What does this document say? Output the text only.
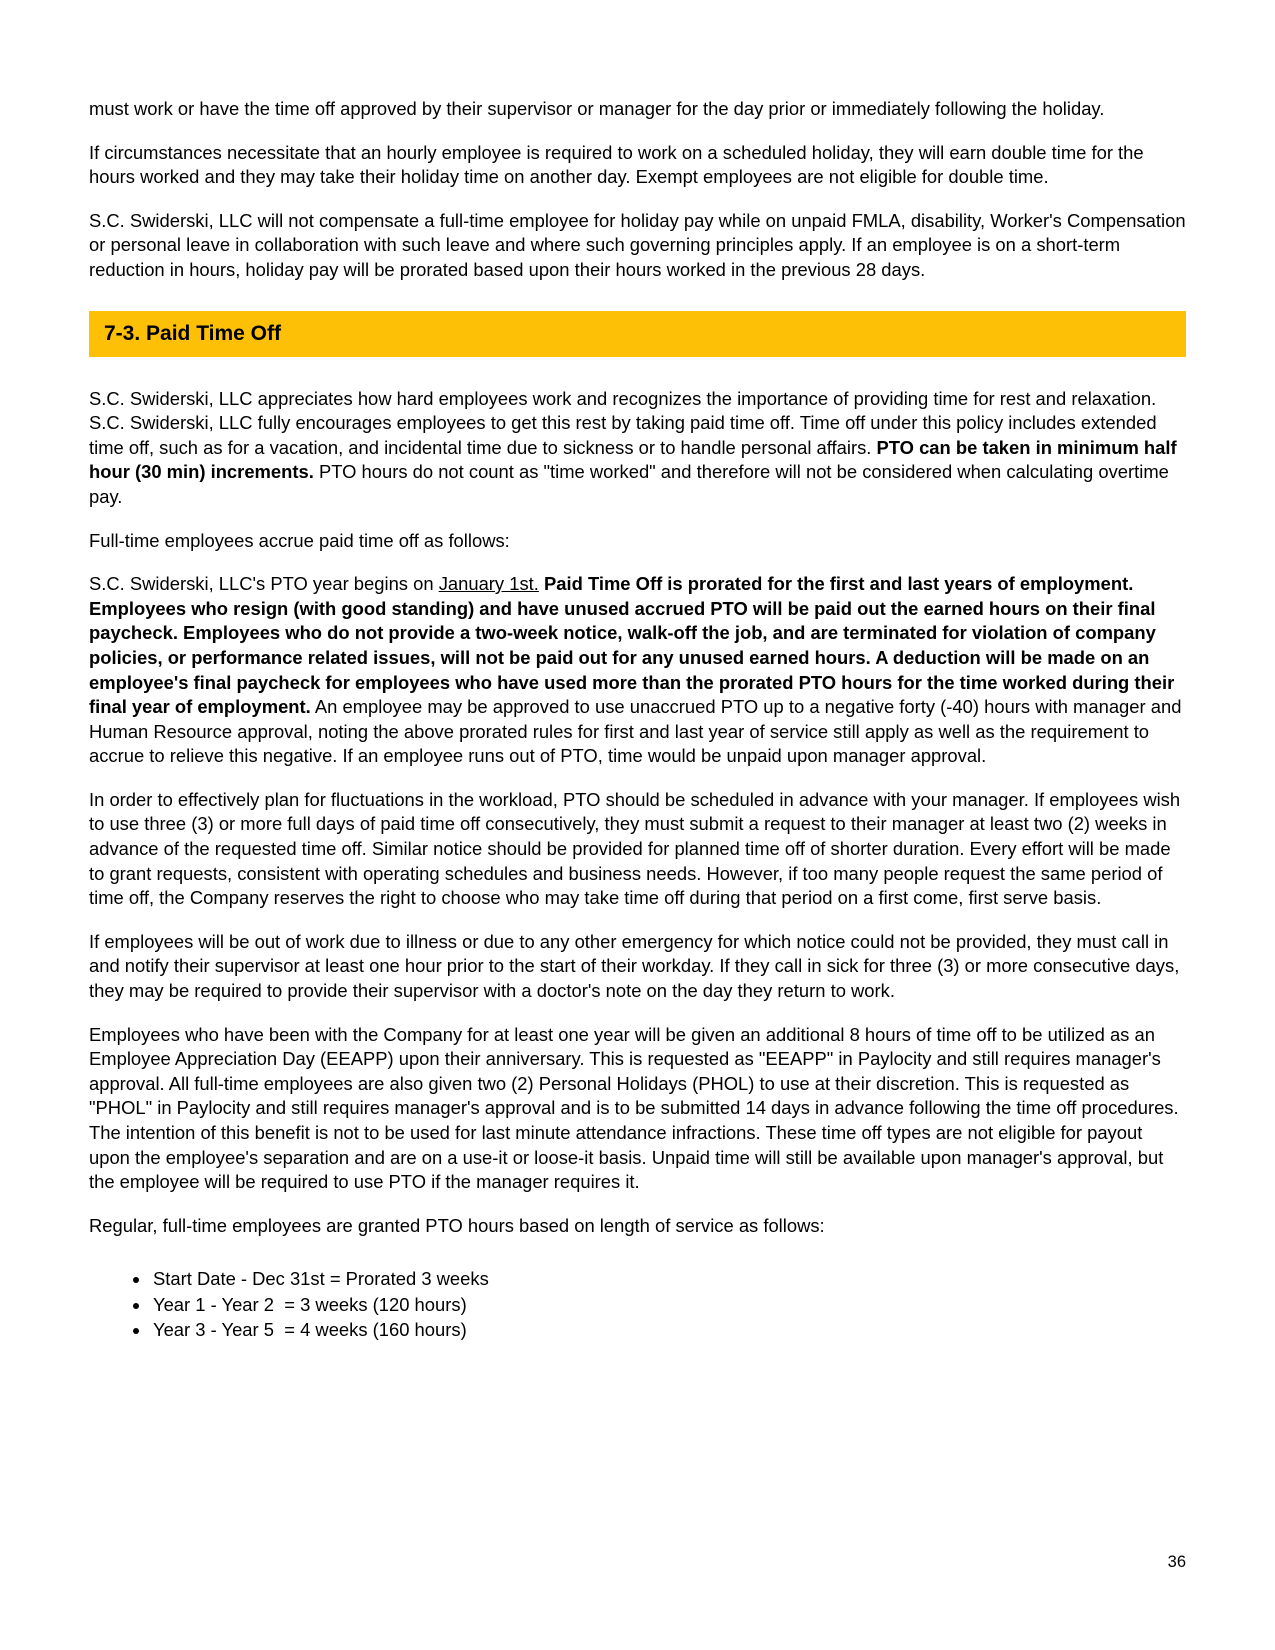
must work or have the time off approved by their supervisor or manager for the day prior or immediately following the holiday.

If circumstances necessitate that an hourly employee is required to work on a scheduled holiday, they will earn double time for the hours worked and they may take their holiday time on another day. Exempt employees are not eligible for double time.

S.C. Swiderski, LLC will not compensate a full-time employee for holiday pay while on unpaid FMLA, disability, Worker's Compensation or personal leave in collaboration with such leave and where such governing principles apply. If an employee is on a short-term reduction in hours, holiday pay will be prorated based upon their hours worked in the previous 28 days.

7-3. Paid Time Off

S.C. Swiderski, LLC appreciates how hard employees work and recognizes the importance of providing time for rest and relaxation. S.C. Swiderski, LLC fully encourages employees to get this rest by taking paid time off. Time off under this policy includes extended time off, such as for a vacation, and incidental time due to sickness or to handle personal affairs. PTO can be taken in minimum half hour (30 min) increments. PTO hours do not count as "time worked" and therefore will not be considered when calculating overtime pay.

Full-time employees accrue paid time off as follows:

S.C. Swiderski, LLC's PTO year begins on January 1st. Paid Time Off is prorated for the first and last years of employment. Employees who resign (with good standing) and have unused accrued PTO will be paid out the earned hours on their final paycheck. Employees who do not provide a two-week notice, walk-off the job, and are terminated for violation of company policies, or performance related issues, will not be paid out for any unused earned hours. A deduction will be made on an employee's final paycheck for employees who have used more than the prorated PTO hours for the time worked during their final year of employment. An employee may be approved to use unaccrued PTO up to a negative forty (-40) hours with manager and Human Resource approval, noting the above prorated rules for first and last year of service still apply as well as the requirement to accrue to relieve this negative. If an employee runs out of PTO, time would be unpaid upon manager approval.

In order to effectively plan for fluctuations in the workload, PTO should be scheduled in advance with your manager. If employees wish to use three (3) or more full days of paid time off consecutively, they must submit a request to their manager at least two (2) weeks in advance of the requested time off. Similar notice should be provided for planned time off of shorter duration. Every effort will be made to grant requests, consistent with operating schedules and business needs. However, if too many people request the same period of time off, the Company reserves the right to choose who may take time off during that period on a first come, first serve basis.

If employees will be out of work due to illness or due to any other emergency for which notice could not be provided, they must call in and notify their supervisor at least one hour prior to the start of their workday. If they call in sick for three (3) or more consecutive days, they may be required to provide their supervisor with a doctor's note on the day they return to work.

Employees who have been with the Company for at least one year will be given an additional 8 hours of time off to be utilized as an Employee Appreciation Day (EEAPP) upon their anniversary. This is requested as "EEAPP" in Paylocity and still requires manager's approval. All full-time employees are also given two (2) Personal Holidays (PHOL) to use at their discretion. This is requested as "PHOL" in Paylocity and still requires manager's approval and is to be submitted 14 days in advance following the time off procedures. The intention of this benefit is not to be used for last minute attendance infractions. These time off types are not eligible for payout upon the employee's separation and are on a use-it or loose-it basis. Unpaid time will still be available upon manager's approval, but the employee will be required to use PTO if the manager requires it.

Regular, full-time employees are granted PTO hours based on length of service as follows:

• Start Date - Dec 31st = Prorated 3 weeks
• Year 1 - Year 2  = 3 weeks (120 hours)
• Year 3 - Year 5  = 4 weeks (160 hours)
36
